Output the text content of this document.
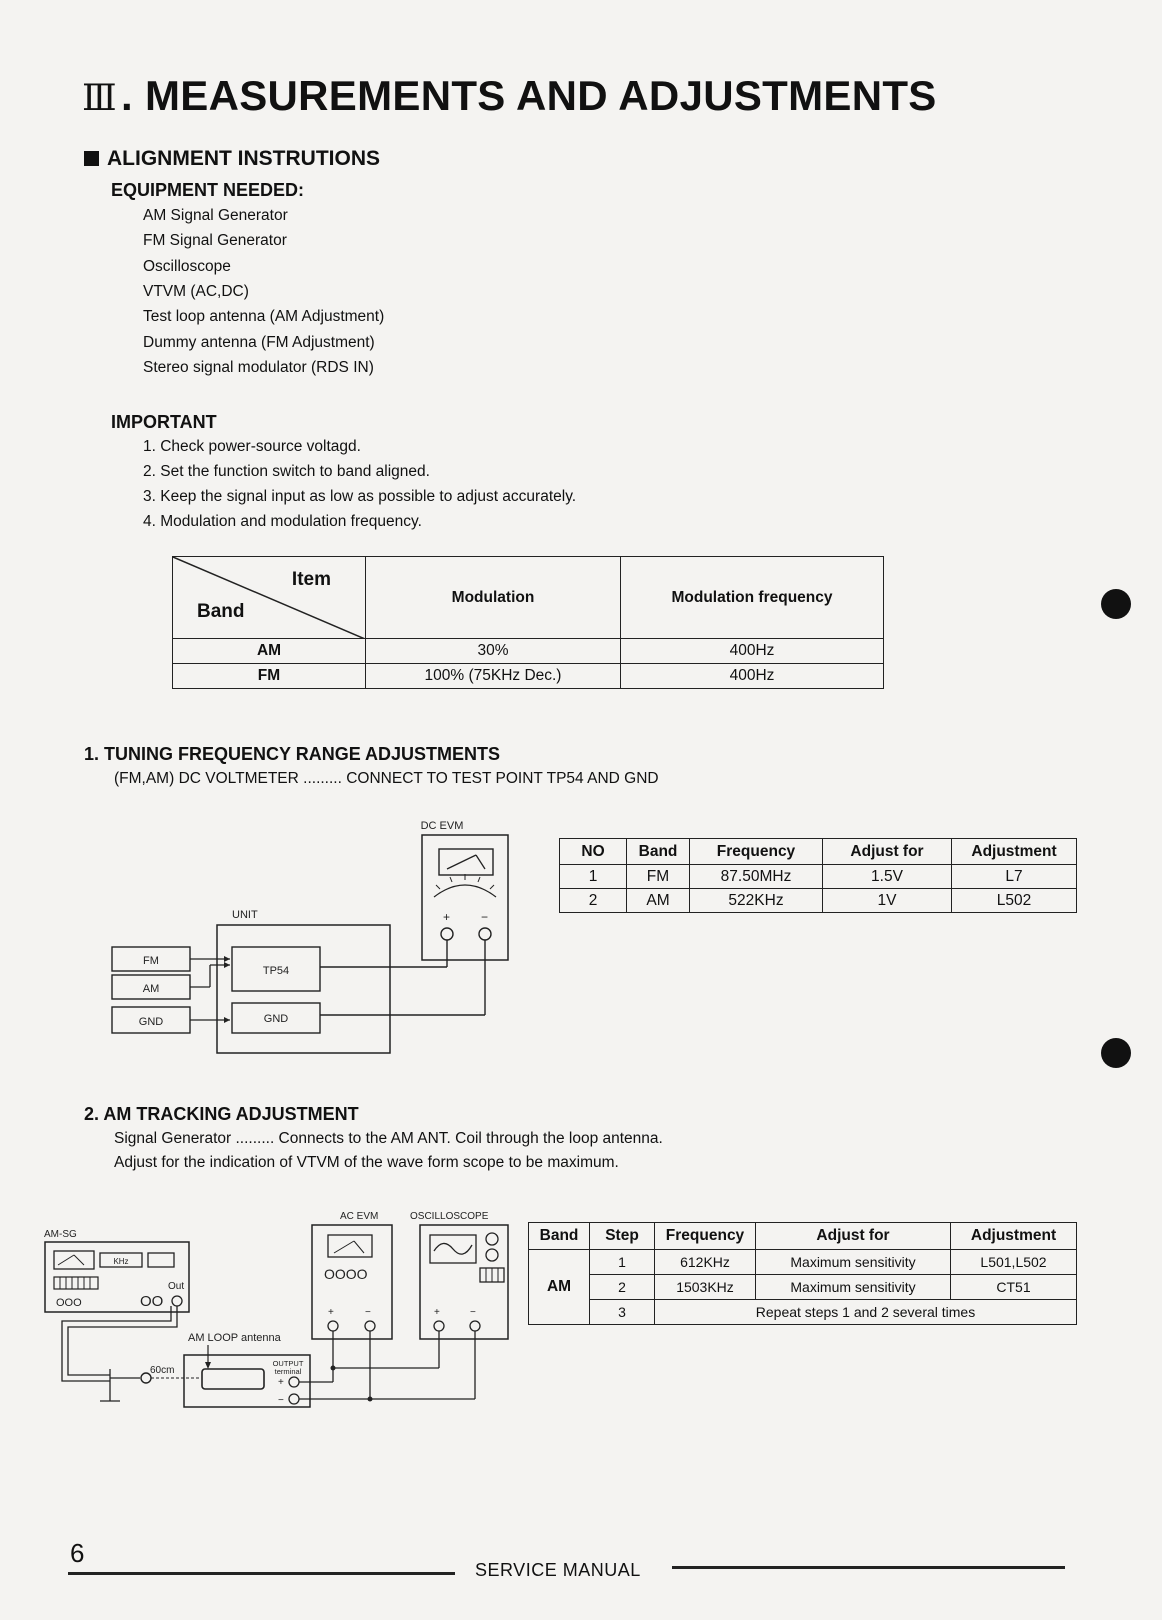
Ⅲ. MEASUREMENTS AND ADJUSTMENTS
ALIGNMENT INSTRUTIONS
EQUIPMENT NEEDED:
AM Signal Generator
FM Signal Generator
Oscilloscope
VTVM (AC,DC)
Test loop antenna (AM Adjustment)
Dummy antenna (FM Adjustment)
Stereo signal modulator (RDS IN)
IMPORTANT
1. Check power-source voltagd.
2. Set the function switch to band aligned.
3. Keep the signal input as low as possible to adjust accurately.
4. Modulation and modulation frequency.
Item
Band	Modulation	Modulation frequency
AM	30%	400Hz
FM	100% (75KHz Dec.)	400Hz
1. TUNING FREQUENCY RANGE ADJUSTMENTS
(FM,AM) DC VOLTMETER ......... CONNECT TO TEST POINT TP54 AND GND
DC EVM
+	−
UNIT
TP54
GND
FM
AM
GND
NO	Band	Frequency	Adjust for	Adjustment
1	FM	87.50MHz	1.5V	L7
2	AM	522KHz	1V	L502
2. AM TRACKING ADJUSTMENT
Signal Generator ......... Connects to the AM ANT. Coil through the loop antenna.
Adjust for the indication of VTVM of the wave form scope to be maximum.
AM-SG
KHz
OOO	OO
Out
60cm
AM LOOP antenna
OUTPUT
terminal
+
−
AC EVM
OOOO
+	−
OSCILLOSCOPE
+	−
Band	Step	Frequency	Adjust for	Adjustment
AM	1	612KHz	Maximum sensitivity	L501,L502
	2	1503KHz	Maximum sensitivity	CT51
	3	Repeat steps 1 and 2 several times		
6
SERVICE MANUAL
